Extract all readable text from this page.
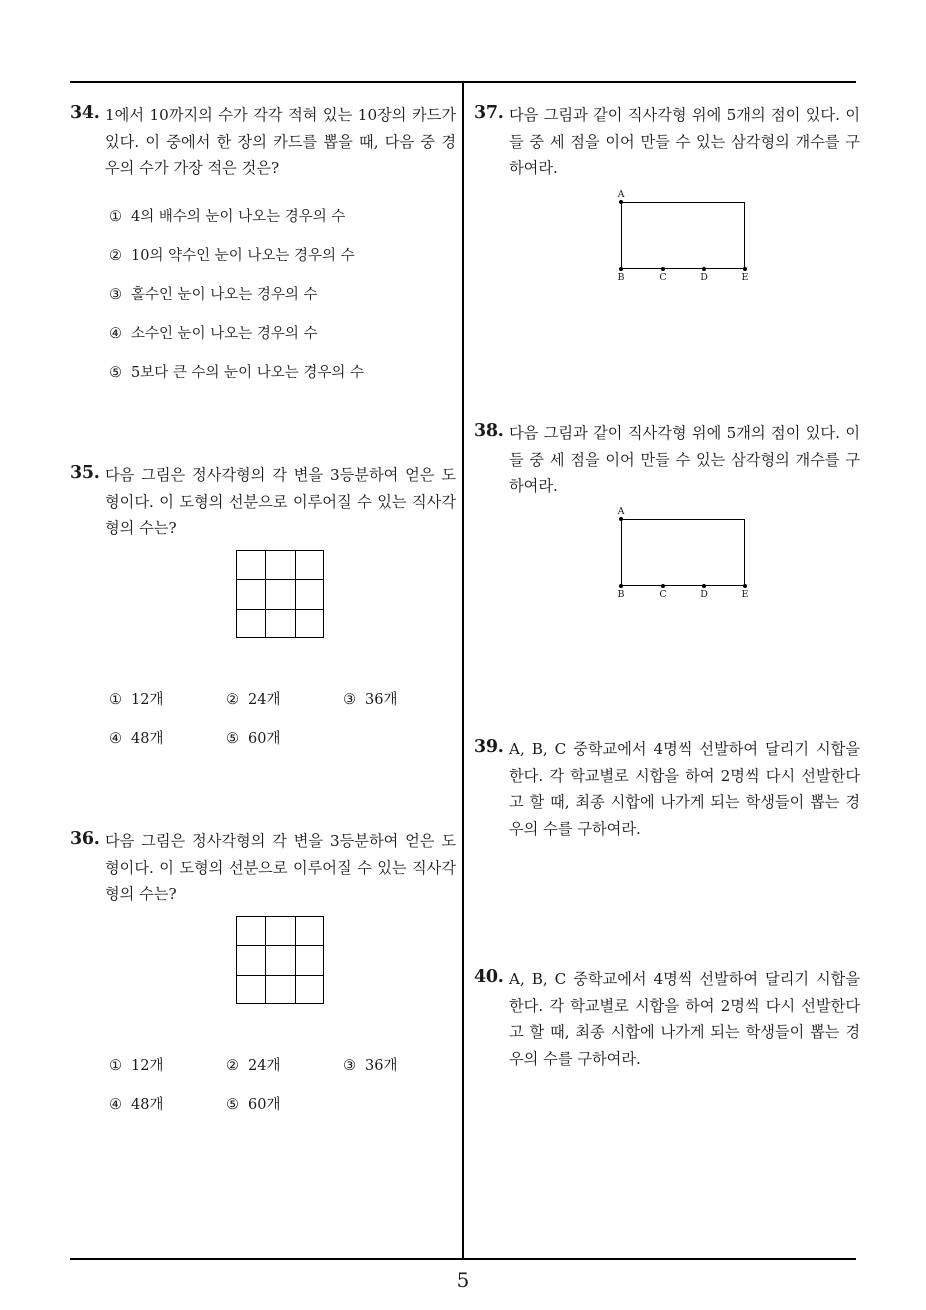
34. 1에서 10까지의 수가 각각 적혀 있는 10장의 카드가 있다. 이 중에서 한 장의 카드를 뽑을 때, 다음 중 경우의 수가 가장 적은 것은?
① 4의 배수의 눈이 나오는 경우의 수
② 10의 약수인 눈이 나오는 경우의 수
③ 홀수인 눈이 나오는 경우의 수
④ 소수인 눈이 나오는 경우의 수
⑤ 5보다 큰 수의 눈이 나오는 경우의 수
35. 다음 그림은 정사각형의 각 변을 3등분하여 얻은 도형이다. 이 도형의 선분으로 이루어질 수 있는 직사각형의 수는?
① 12개	② 24개	③ 36개
④ 48개	⑤ 60개
36. 다음 그림은 정사각형의 각 변을 3등분하여 얻은 도형이다. 이 도형의 선분으로 이루어질 수 있는 직사각형의 수는?
① 12개	② 24개	③ 36개
④ 48개	⑤ 60개
37. 다음 그림과 같이 직사각형 위에 5개의 점이 있다. 이들 중 세 점을 이어 만들 수 있는 삼각형의 개수를 구하여라.
A
B	C	D	E
38. 다음 그림과 같이 직사각형 위에 5개의 점이 있다. 이들 중 세 점을 이어 만들 수 있는 삼각형의 개수를 구하여라.
A
B	C	D	E
39. A, B, C 중학교에서 4명씩 선발하여 달리기 시합을 한다. 각 학교별로 시합을 하여 2명씩 다시 선발한다고 할 때, 최종 시합에 나가게 되는 학생들이 뽑는 경우의 수를 구하여라.
40. A, B, C 중학교에서 4명씩 선발하여 달리기 시합을 한다. 각 학교별로 시합을 하여 2명씩 다시 선발한다고 할 때, 최종 시합에 나가게 되는 학생들이 뽑는 경우의 수를 구하여라.
5
